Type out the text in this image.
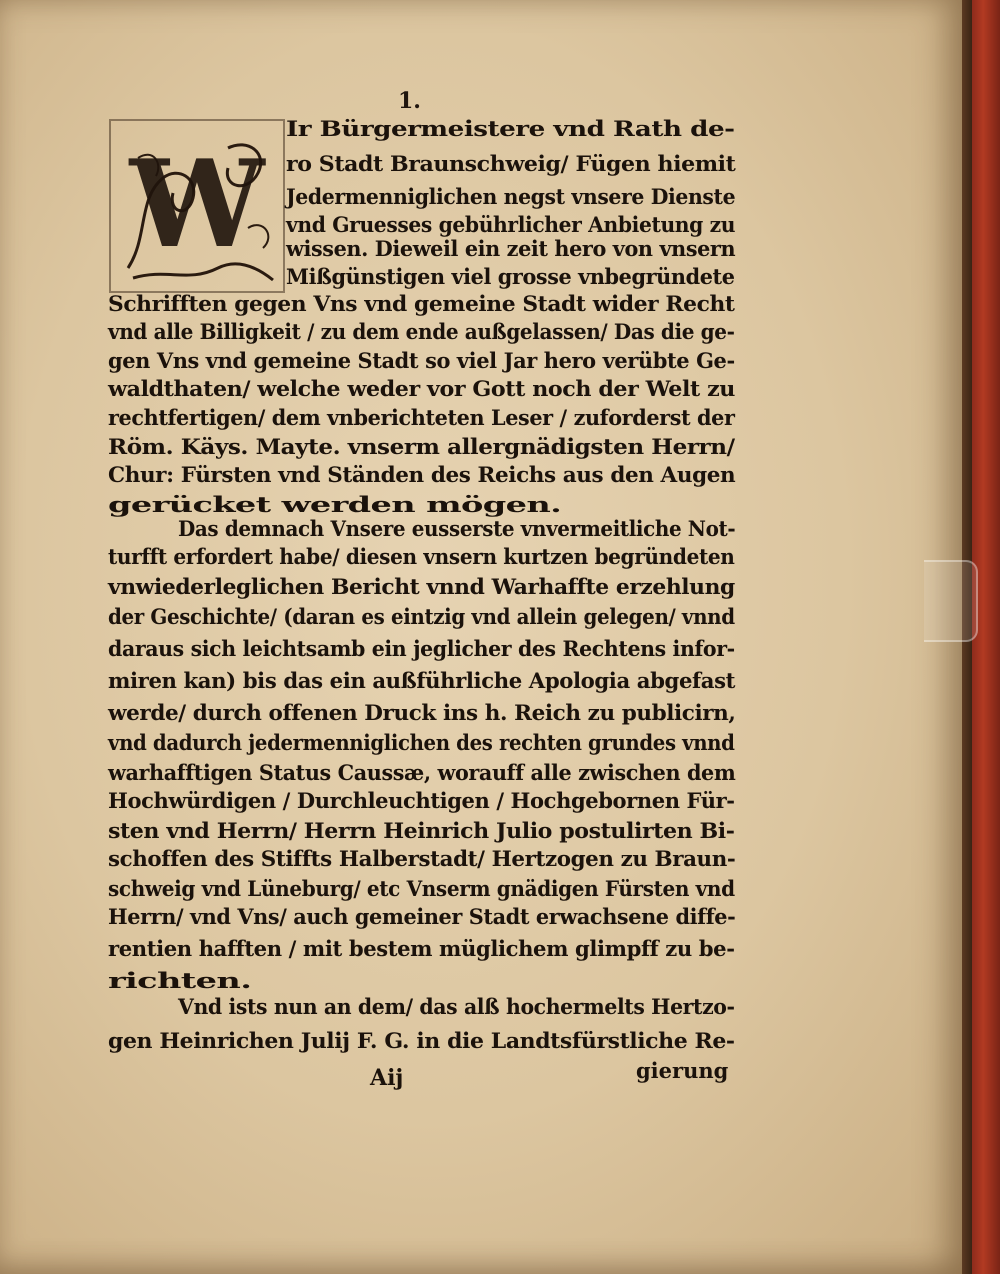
1.
W
Ir Bürgermeistere vnd Rath de-
ro Stadt Braunschweig/ Fügen hiemit
Jedermenniglichen negst vnsere Dienste
vnd Gruesses gebührlicher Anbietung zu
wissen. Dieweil ein zeit hero von vnsern
Mißgünstigen viel grosse vnbegründete
Schrifften gegen Vns vnd gemeine Stadt wider Recht
vnd alle Billigkeit / zu dem ende außgelassen/ Das die ge-
gen Vns vnd gemeine Stadt so viel Jar hero verübte Ge-
waldthaten/ welche weder vor Gott noch der Welt zu
rechtfertigen/ dem vnberichteten Leser / zuforderst der
Röm. Käys. Mayte. vnserm allergnädigsten Herrn/
Chur: Fürsten vnd Ständen des Reichs aus den Augen
gerücket werden mögen.
Das demnach Vnsere eusserste vnvermeitliche Not-
turfft erfordert habe/ diesen vnsern kurtzen begründeten
vnwiederleglichen Bericht vnnd Warhaffte erzehlung
der Geschichte/ (daran es eintzig vnd allein gelegen/ vnnd
daraus sich leichtsamb ein jeglicher des Rechtens infor-
miren kan) bis das ein außführliche Apologia abgefast
werde/ durch offenen Druck ins h. Reich zu publicirn,
vnd dadurch jedermenniglichen des rechten grundes vnnd
warhafftigen Status Caussæ, worauff alle zwischen dem
Hochwürdigen / Durchleuchtigen / Hochgebornen Für-
sten vnd Herrn/ Herrn Heinrich Julio postulirten Bi-
schoffen des Stiffts Halberstadt/ Hertzogen zu Braun-
schweig vnd Lüneburg/ etc Vnserm gnädigen Fürsten vnd
Herrn/ vnd Vns/ auch gemeiner Stadt erwachsene diffe-
rentien hafften / mit bestem müglichem glimpff zu be-
richten.
Vnd ists nun an dem/ das alß hochermelts Hertzo-
gen Heinrichen Julij F. G. in die Landtsfürstliche Re-
Aij	gierung
